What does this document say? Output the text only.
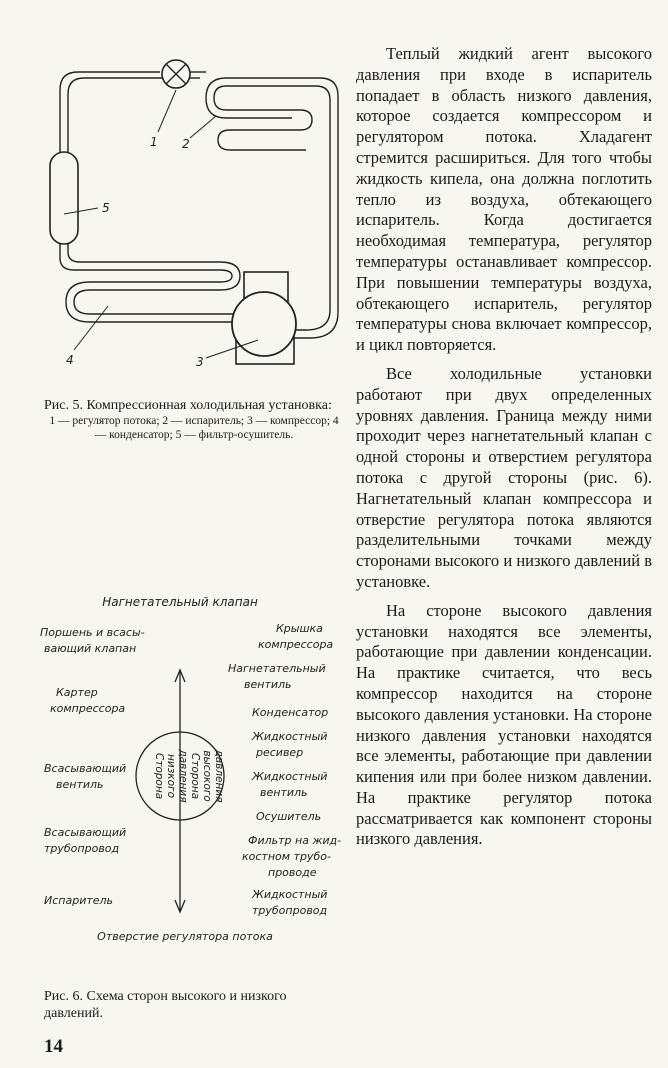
1 2
3
4
5
Рис. 5. Компрессионная холодильная установка:
1 — регулятор потока; 2 — испаритель; 3 — компрессор; 4 — конденсатор; 5 — фильтр-осушитель.
Нагнетательный клапан
Поршень и всасы-
вающий клапан
Картер
компрессора
Всасывающий
вентиль
Всасывающий
трубопровод
Испаритель
Крышка
компрессора
Нагнетательный
вентиль
Конденсатор
Жидкостный
ресивер
Жидкостный
вентиль
Осушитель
Фильтр на жид-
костном трубо-
проводе
Жидкостный
трубопровод
Сторона низкого давления Сторона высокого давления
Отверстие регулятора потока
Рис. 6. Схема сторон высокого и низкого давлений.
14

Теплый жидкий агент высокого давления при входе в испаритель попадает в область низкого давления, которое создается компрессором и регулятором потока. Хладагент стремится расшириться. Для того чтобы жидкость кипела, она должна поглотить тепло из воздуха, обтекающего испаритель. Когда достигается необходимая температура, регулятор температуры останавливает компрессор. При повышении температуры воздуха, обтекающего испаритель, регулятор температуры снова включает компрессор, и цикл повторяется.

Все холодильные установки работают при двух определенных уровнях давления. Граница между ними проходит через нагнетательный клапан с одной стороны и отверстием регулятора потока с другой стороны (рис. 6). Нагнетательный клапан компрессора и отверстие регулятора потока являются разделительными точками между сторонами высокого и низкого давлений в установке.

На стороне высокого давления установки находятся все элементы, работающие при давлении конденсации. На практике считается, что весь компрессор находится на стороне высокого давления установки. На стороне низкого давления установки находятся все элементы, работающие при давлении кипения или при более низком давлении. На практике регулятор потока рассматривается как компонент стороны низкого давления.
